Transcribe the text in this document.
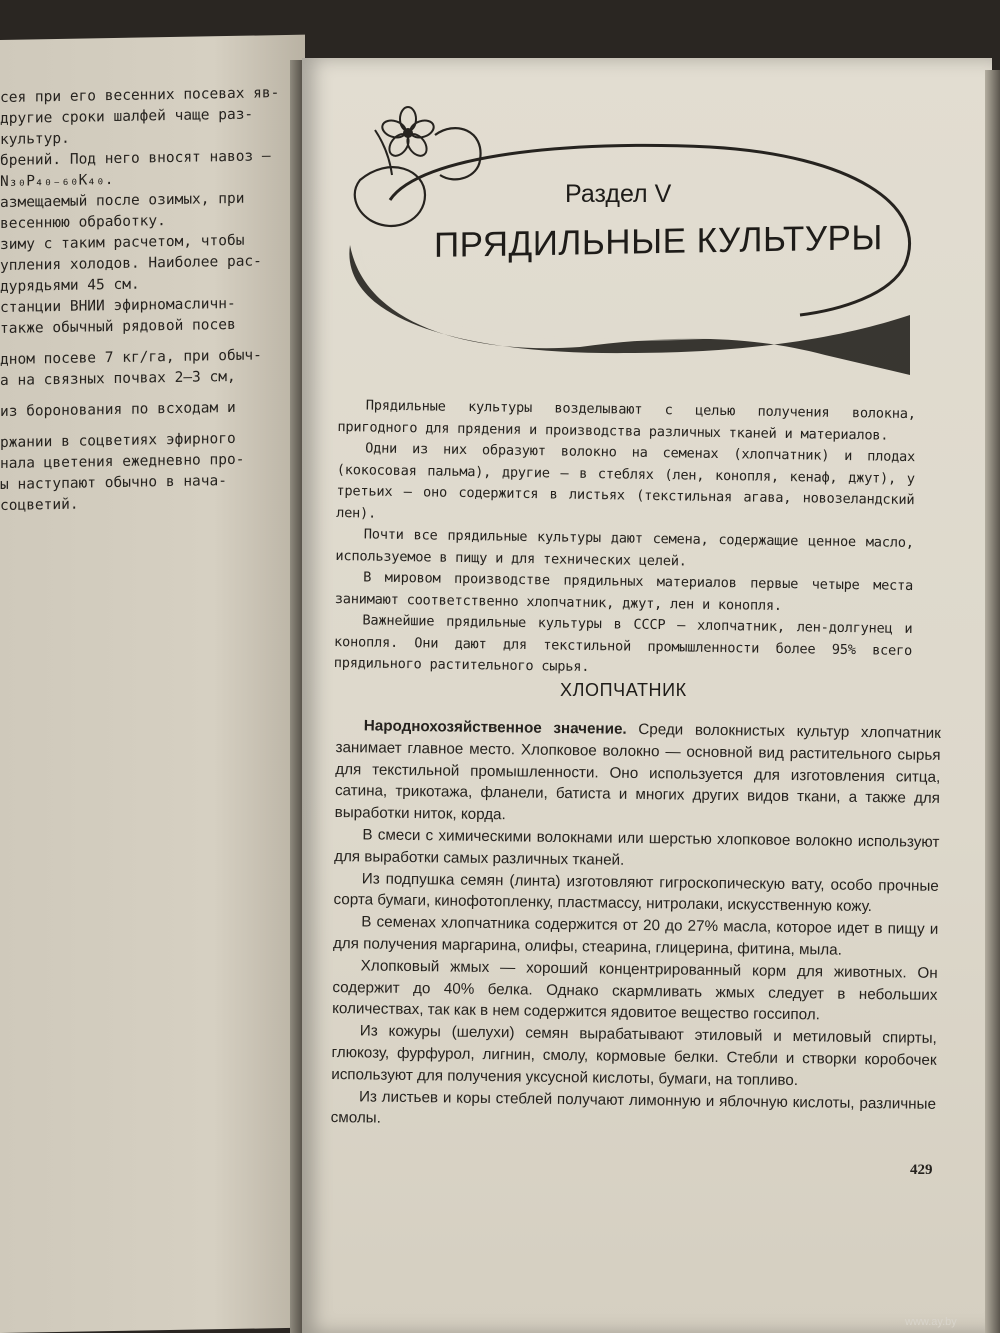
сея при его весенних посевах яв-
другие сроки шалфей чаще раз-
культур.
брений. Под него вносят навоз —
N₃₀P₄₀₋₆₀K₄₀.
азмещаемый после озимых, при
весеннюю обработку.
зиму с таким расчетом, чтобы
упления холодов. Наиболее рас-
дурядьями 45 см.
станции ВНИИ эфирномасличн-
также обычный рядовой посев
дном посеве 7 кг/га, при обыч-
а на связных почвах 2—3 см,
из боронования по всходам и
ржании в соцветиях эфирного
нала цветения ежедневно про-
ы наступают обычно в нача-
соцветий.
Раздел V
ПРЯДИЛЬНЫЕ КУЛЬТУРЫ

Прядильные культуры возделывают с целью получения волокна, пригодного для прядения и производства различных тканей и материалов.

Одни из них образуют волокно на семенах (хлопчатник) и плодах (кокосовая пальма), другие — в стеблях (лен, конопля, кенаф, джут), у третьих — оно содержится в листьях (текстильная агава, новозеландский лен).

Почти все прядильные культуры дают семена, содержащие ценное масло, используемое в пищу и для технических целей.

В мировом производстве прядильных материалов первые четыре места занимают соответственно хлопчатник, джут, лен и конопля.

Важнейшие прядильные культуры в СССР — хлопчатник, лен-долгунец и конопля. Они дают для текстильной промышленности более 95% всего прядильного растительного сырья.

ХЛОПЧАТНИК

Народнохозяйственное значение. Среди волокнистых культур хлопчатник занимает главное место. Хлопковое волокно — основной вид растительного сырья для текстильной промышленности. Оно используется для изготовления ситца, сатина, трикотажа, фланели, батиста и многих других видов ткани, а также для выработки ниток, корда.

В смеси с химическими волокнами или шерстью хлопковое волокно используют для выработки самых различных тканей.

Из подпушка семян (линта) изготовляют гигроскопическую вату, особо прочные сорта бумаги, кинофотопленку, пластмассу, нитролаки, искусственную кожу.

В семенах хлопчатника содержится от 20 до 27% масла, которое идет в пищу и для получения маргарина, олифы, стеарина, глицерина, фитина, мыла.

Хлопковый жмых — хороший концентрированный корм для животных. Он содержит до 40% белка. Однако скармливать жмых следует в небольших количествах, так как в нем содержится ядовитое вещество госсипол.

Из кожуры (шелухи) семян вырабатывают этиловый и метиловый спирты, глюкозу, фурфурол, лигнин, смолу, кормовые белки. Стебли и створки коробочек используют для получения уксусной кислоты, бумаги, на топливо.

Из листьев и коры стеблей получают лимонную и яблочную кислоты, различные смолы.

429
www.ay.by
